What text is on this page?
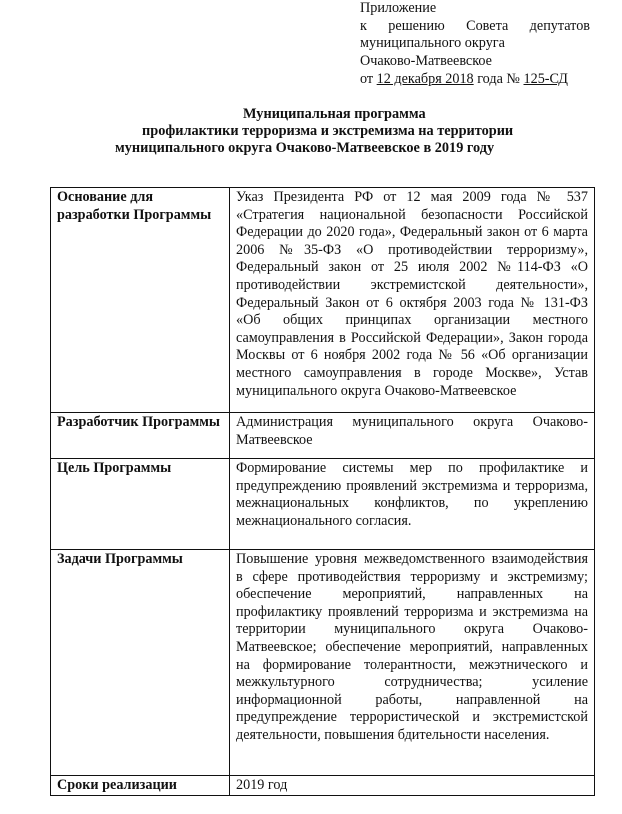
Приложение
к решению Совета депутатов
муниципального округа
Очаково-Матвеевское
от 12 декабря 2018 года № 125-СД
Муниципальная программа
профилактики терроризма и экстремизма на территории
муниципального округа Очаково-Матвеевское в 2019 году
Основание для разработки Программы	Указ Президента РФ от 12 мая 2009 года № 537 «Стратегия национальной безопасности Российской Федерации до 2020 года», Федеральный закон от 6 марта 2006 №35-ФЗ «О противодействии терроризму», Федеральный закон от 25 июля 2002 №114-ФЗ «О противодействии экстремистской деятельности», Федеральный Закон от 6 октября 2003 года № 131-ФЗ «Об общих принципах организации местного самоуправления в Российской Федерации», Закон города Москвы от 6 ноября 2002 года № 56 «Об организации местного самоуправления в городе Москве», Устав муниципального округа Очаково-Матвеевское
Разработчик Программы	Администрация муниципального округа Очаково-Матвеевское
Цель Программы	Формирование системы мер по профилактике и предупреждению проявлений экстремизма и терроризма, межнациональных конфликтов, по укреплению межнационального согласия.
Задачи Программы	Повышение уровня межведомственного взаимодействия в сфере противодействия терроризму и экстремизму; обеспечение мероприятий, направленных на профилактику проявлений терроризма и экстремизма на территории муниципального округа Очаково-Матвеевское; обеспечение мероприятий, направленных на формирование толерантности, межэтнического и межкультурного сотрудничества; усиление информационной работы, направленной на предупреждение террористической и экстремистской деятельности, повышения бдительности населения.
Сроки реализации	2019 год
